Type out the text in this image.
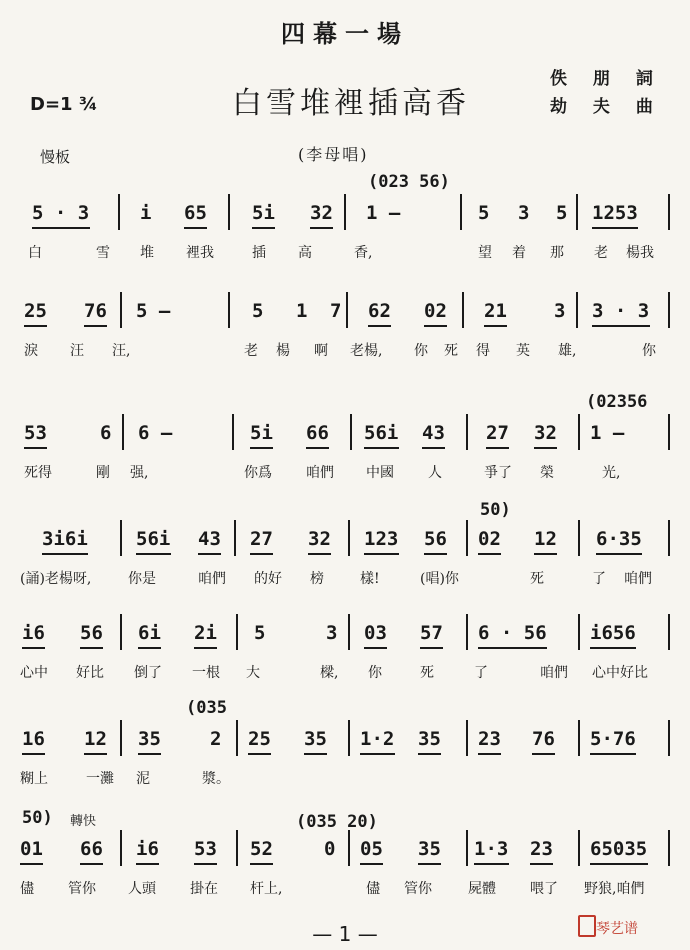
四幕一場
白雪堆裡插高香
佚 朋 詞
劫 夫 曲
D=1 ¾
慢板	(李母唱)
轉快
5 · 3	i 65 5i 32 1 —	5 3 5 1253
白	雪 堆 裡我	插 高	香,	望 着 那 老 楊我
25 76 5 —	5 1 7 62 02 21 3 3 · 3
淚 汪 汪,	老 楊 啊 老楊, 你 死 得 英 雄,	你
53	6 6 —	5i 66 56i 43 27 32 1 —
死得	剛 强,	你爲 咱們 中國 人	爭了 榮	光,
3i6i	56i 43 27 32 123 56 02 12 6·35
(誦)老楊呀,	你是	咱們 的好 榜	樣!	(唱)你	死	了 咱們
i6 56 6i 2i 5	3 03 57 6 · 56 i656
心中 好比 倒了 一根 大	樑, 你	死	了	咱們 心中好比
16 12 35	2 25 35 1·2 35 23 76 5·76
糊上	一灘 泥	漿。
01 66 i6 53 52	0 05 35 1·3 23 65035
儘 管你 人頭 掛在 杆上,	儘 管你	屍體 喂了 野狼,咱們
(023 56)
(02356
50)
(035
50)	(035 20)
— 1 —	琴艺谱
